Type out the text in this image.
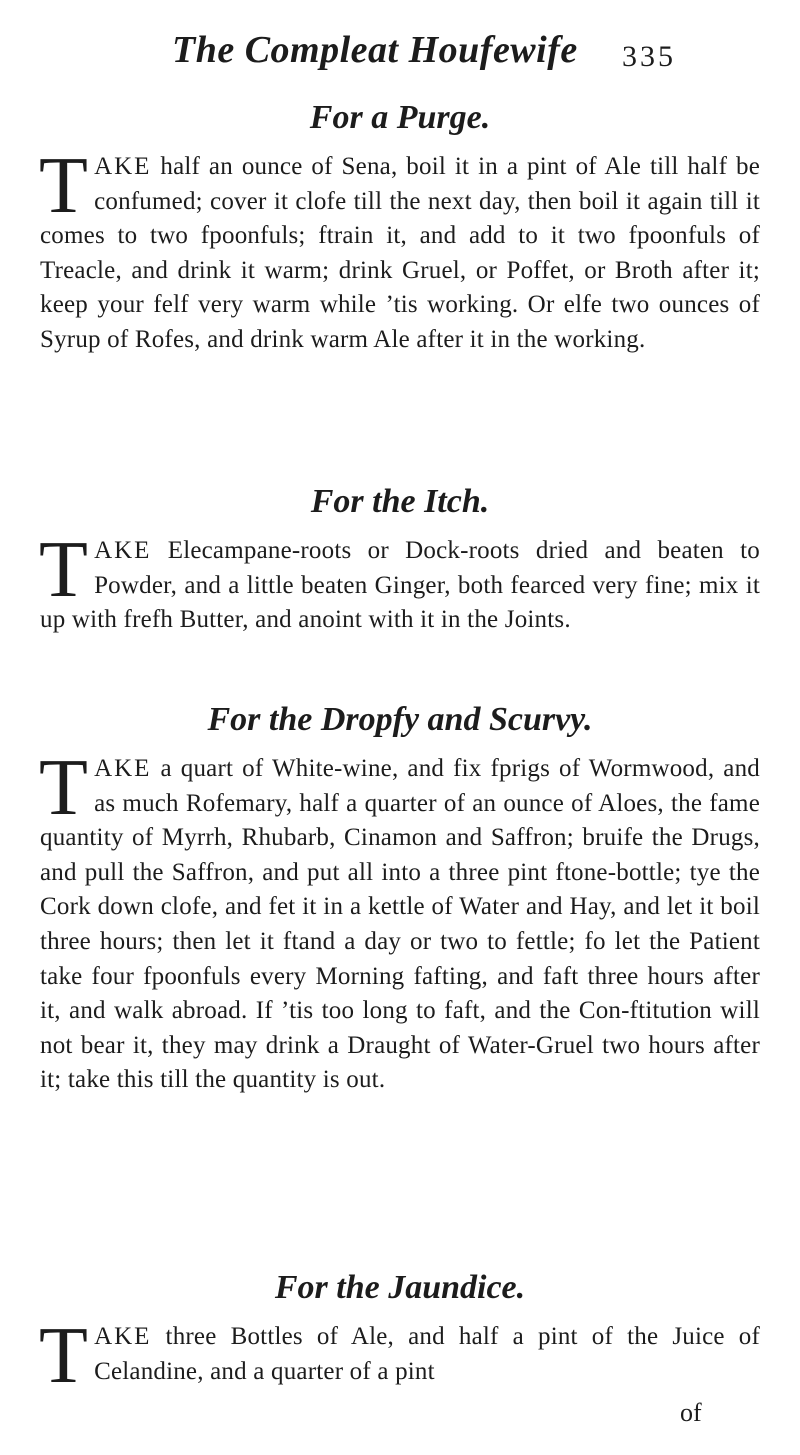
The Compleat Houfewife	335
For a Purge.

TAKE half an ounce of Sena, boil it in a pint of Ale till half be confumed; cover it clofe till the next day, then boil it again till it comes to two fpoonfuls; ftrain it, and add to it two fpoonfuls of Treacle, and drink it warm; drink Gruel, or Poffet, or Broth after it; keep your felf very warm while ’tis working. Or elfe two ounces of Syrup of Rofes, and drink warm Ale after it in the working.

For the Itch.

TAKE Elecampane-roots or Dock-roots dried and beaten to Powder, and a little beaten Ginger, both fearced very fine; mix it up with frefh Butter, and anoint with it in the Joints.

For the Dropfy and Scurvy.

TAKE a quart of White-wine, and fix fprigs of Wormwood, and as much Rofemary, half a quarter of an ounce of Aloes, the fame quantity of Myrrh, Rhubarb, Cinamon and Saffron; bruife the Drugs, and pull the Saffron, and put all into a three pint ftone-bottle; tye the Cork down clofe, and fet it in a kettle of Water and Hay, and let it boil three hours; then let it ftand a day or two to fettle; fo let the Patient take four fpoonfuls every Morning fafting, and faft three hours after it, and walk abroad. If ’tis too long to faft, and the Con-ftitution will not bear it, they may drink a Draught of Water-Gruel two hours after it; take this till the quantity is out.

For the Jaundice.

TAKE three Bottles of Ale, and half a pint of the Juice of Celandine, and a quarter of a pint

of
